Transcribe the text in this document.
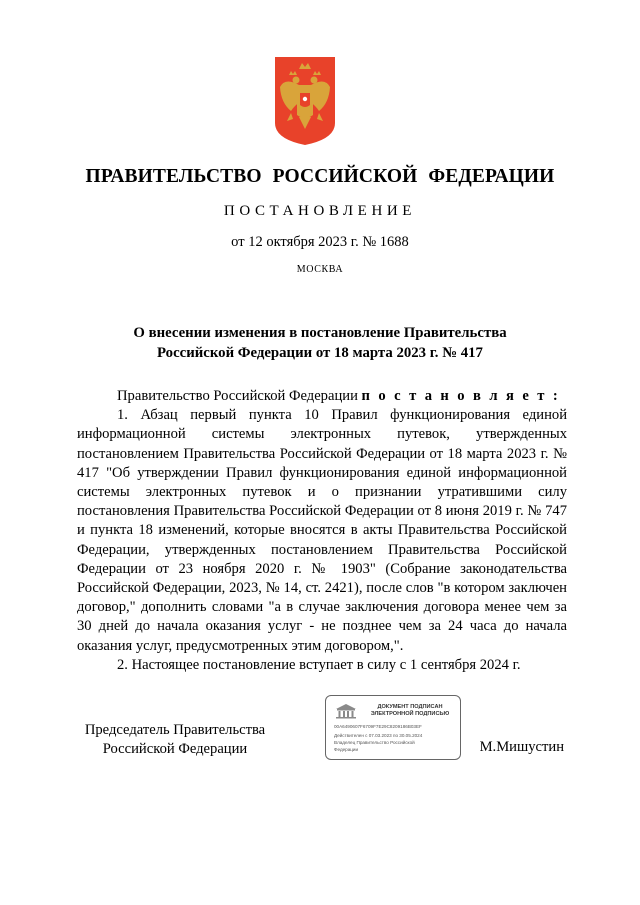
ПРАВИТЕЛЬСТВО РОССИЙСКОЙ ФЕДЕРАЦИИ
ПОСТАНОВЛЕНИЕ
от 12 октября 2023 г. № 1688
МОСКВА
О внесении изменения в постановление Правительства
Российской Федерации от 18 марта 2023 г. № 417

Правительство Российской Федерации п о с т а н о в л я е т :

1. Абзац первый пункта 10 Правил функционирования единой информационной системы электронных путевок, утвержденных постановлением Правительства Российской Федерации от 18 марта 2023 г. № 417 "Об утверждении Правил функционирования единой информационной системы электронных путевок и о признании утратившими силу постановления Правительства Российской Федерации от 8 июня 2019 г. № 747 и пункта 18 изменений, которые вносятся в акты Правительства Российской Федерации, утвержденных постановлением Правительства Российской Федерации от 23 ноября 2020 г. № 1903" (Собрание законодательства Российской Федерации, 2023, № 14, ст. 2421), после слов "в котором заключен договор," дополнить словами "а в случае заключения договора менее чем за 30 дней до начала оказания услуг - не позднее чем за 24 часа до начала оказания услуг, предусмотренных этим договором,".

2. Настоящее постановление вступает в силу с 1 сентября 2024 г.

Председатель Правительства
Российской Федерации
ДОКУМЕНТ ПОДПИСАН
ЭЛЕКТРОННОЙ ПОДПИСЬЮ
00A6490607F6709F7E29C8209186B03EF
Действителен с 07.03.2023 по 30.05.2024
Владелец Правительство Российской
Федерации	М.Мишустин
